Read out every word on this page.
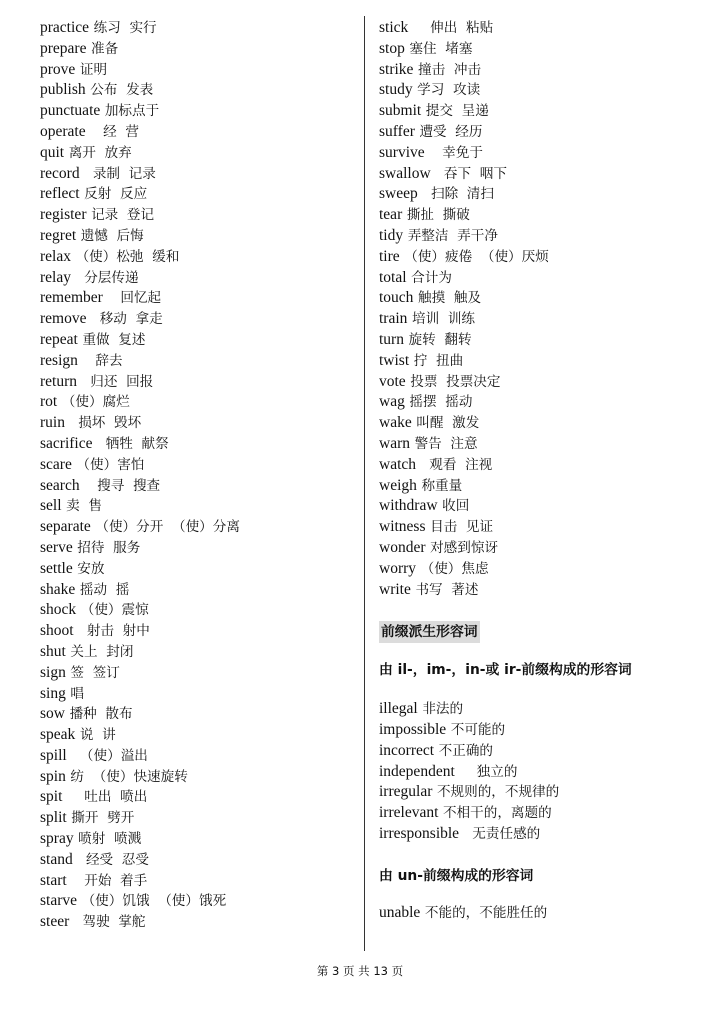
practice 练习  实行
prepare 准备
prove 证明
publish 公布  发表
punctuate 加标点于
operate    经  营
quit 离开  放弃
record   录制  记录
reflect 反射  反应
register 记录  登记
regret 遗憾  后悔
relax （使）松弛  缓和
relay   分层传递
remember    回忆起
remove   移动  拿走
repeat 重做  复述
resign    辞去
return   归还  回报
rot （使）腐烂
ruin   损坏  毁坏
sacrifice   牺牲  献祭
scare （使）害怕
search    搜寻  搜查
sell 卖  售
separate （使）分开  （使）分离
serve 招待  服务
settle 安放
shake 摇动  摇
shock （使）震惊
shoot   射击  射中
shut 关上  封闭
sign 签  签订
sing 唱
sow 播种  散布
speak 说  讲
spill   （使）溢出
spin 纺  （使）快速旋转
spit     吐出  喷出
split 撕开  劈开
spray 喷射  喷溅
stand   经受  忍受
start    开始  着手
starve （使）饥饿  （使）饿死
steer   驾驶  掌舵
stick     伸出  粘贴
stop 塞住  堵塞
strike 撞击  冲击
study 学习  攻读
submit 提交  呈递
suffer 遭受  经历
survive    幸免于
swallow   吞下  咽下
sweep   扫除  清扫
tear 撕扯  撕破
tidy 弄整洁  弄干净
tire （使）疲倦  （使）厌烦
total 合计为
touch 触摸  触及
train 培训  训练
turn 旋转  翻转
twist 拧  扭曲
vote 投票  投票决定
wag 摇摆  摇动
wake 叫醒  激发
warn 警告  注意
watch   观看  注视
weigh 称重量
withdraw 收回
witness 目击  见证
wonder 对感到惊讶
worry （使）焦虑
write 书写  著述
前缀派生形容词
由 il-，im-，in-或 ir-前缀构成的形容词
illegal 非法的
impossible 不可能的
incorrect 不正确的
independent     独立的
irregular 不规则的，不规律的
irrelevant 不相干的，离题的
irresponsible   无责任感的
由 un-前缀构成的形容词
unable 不能的，不能胜任的
第 3 页 共 13 页
